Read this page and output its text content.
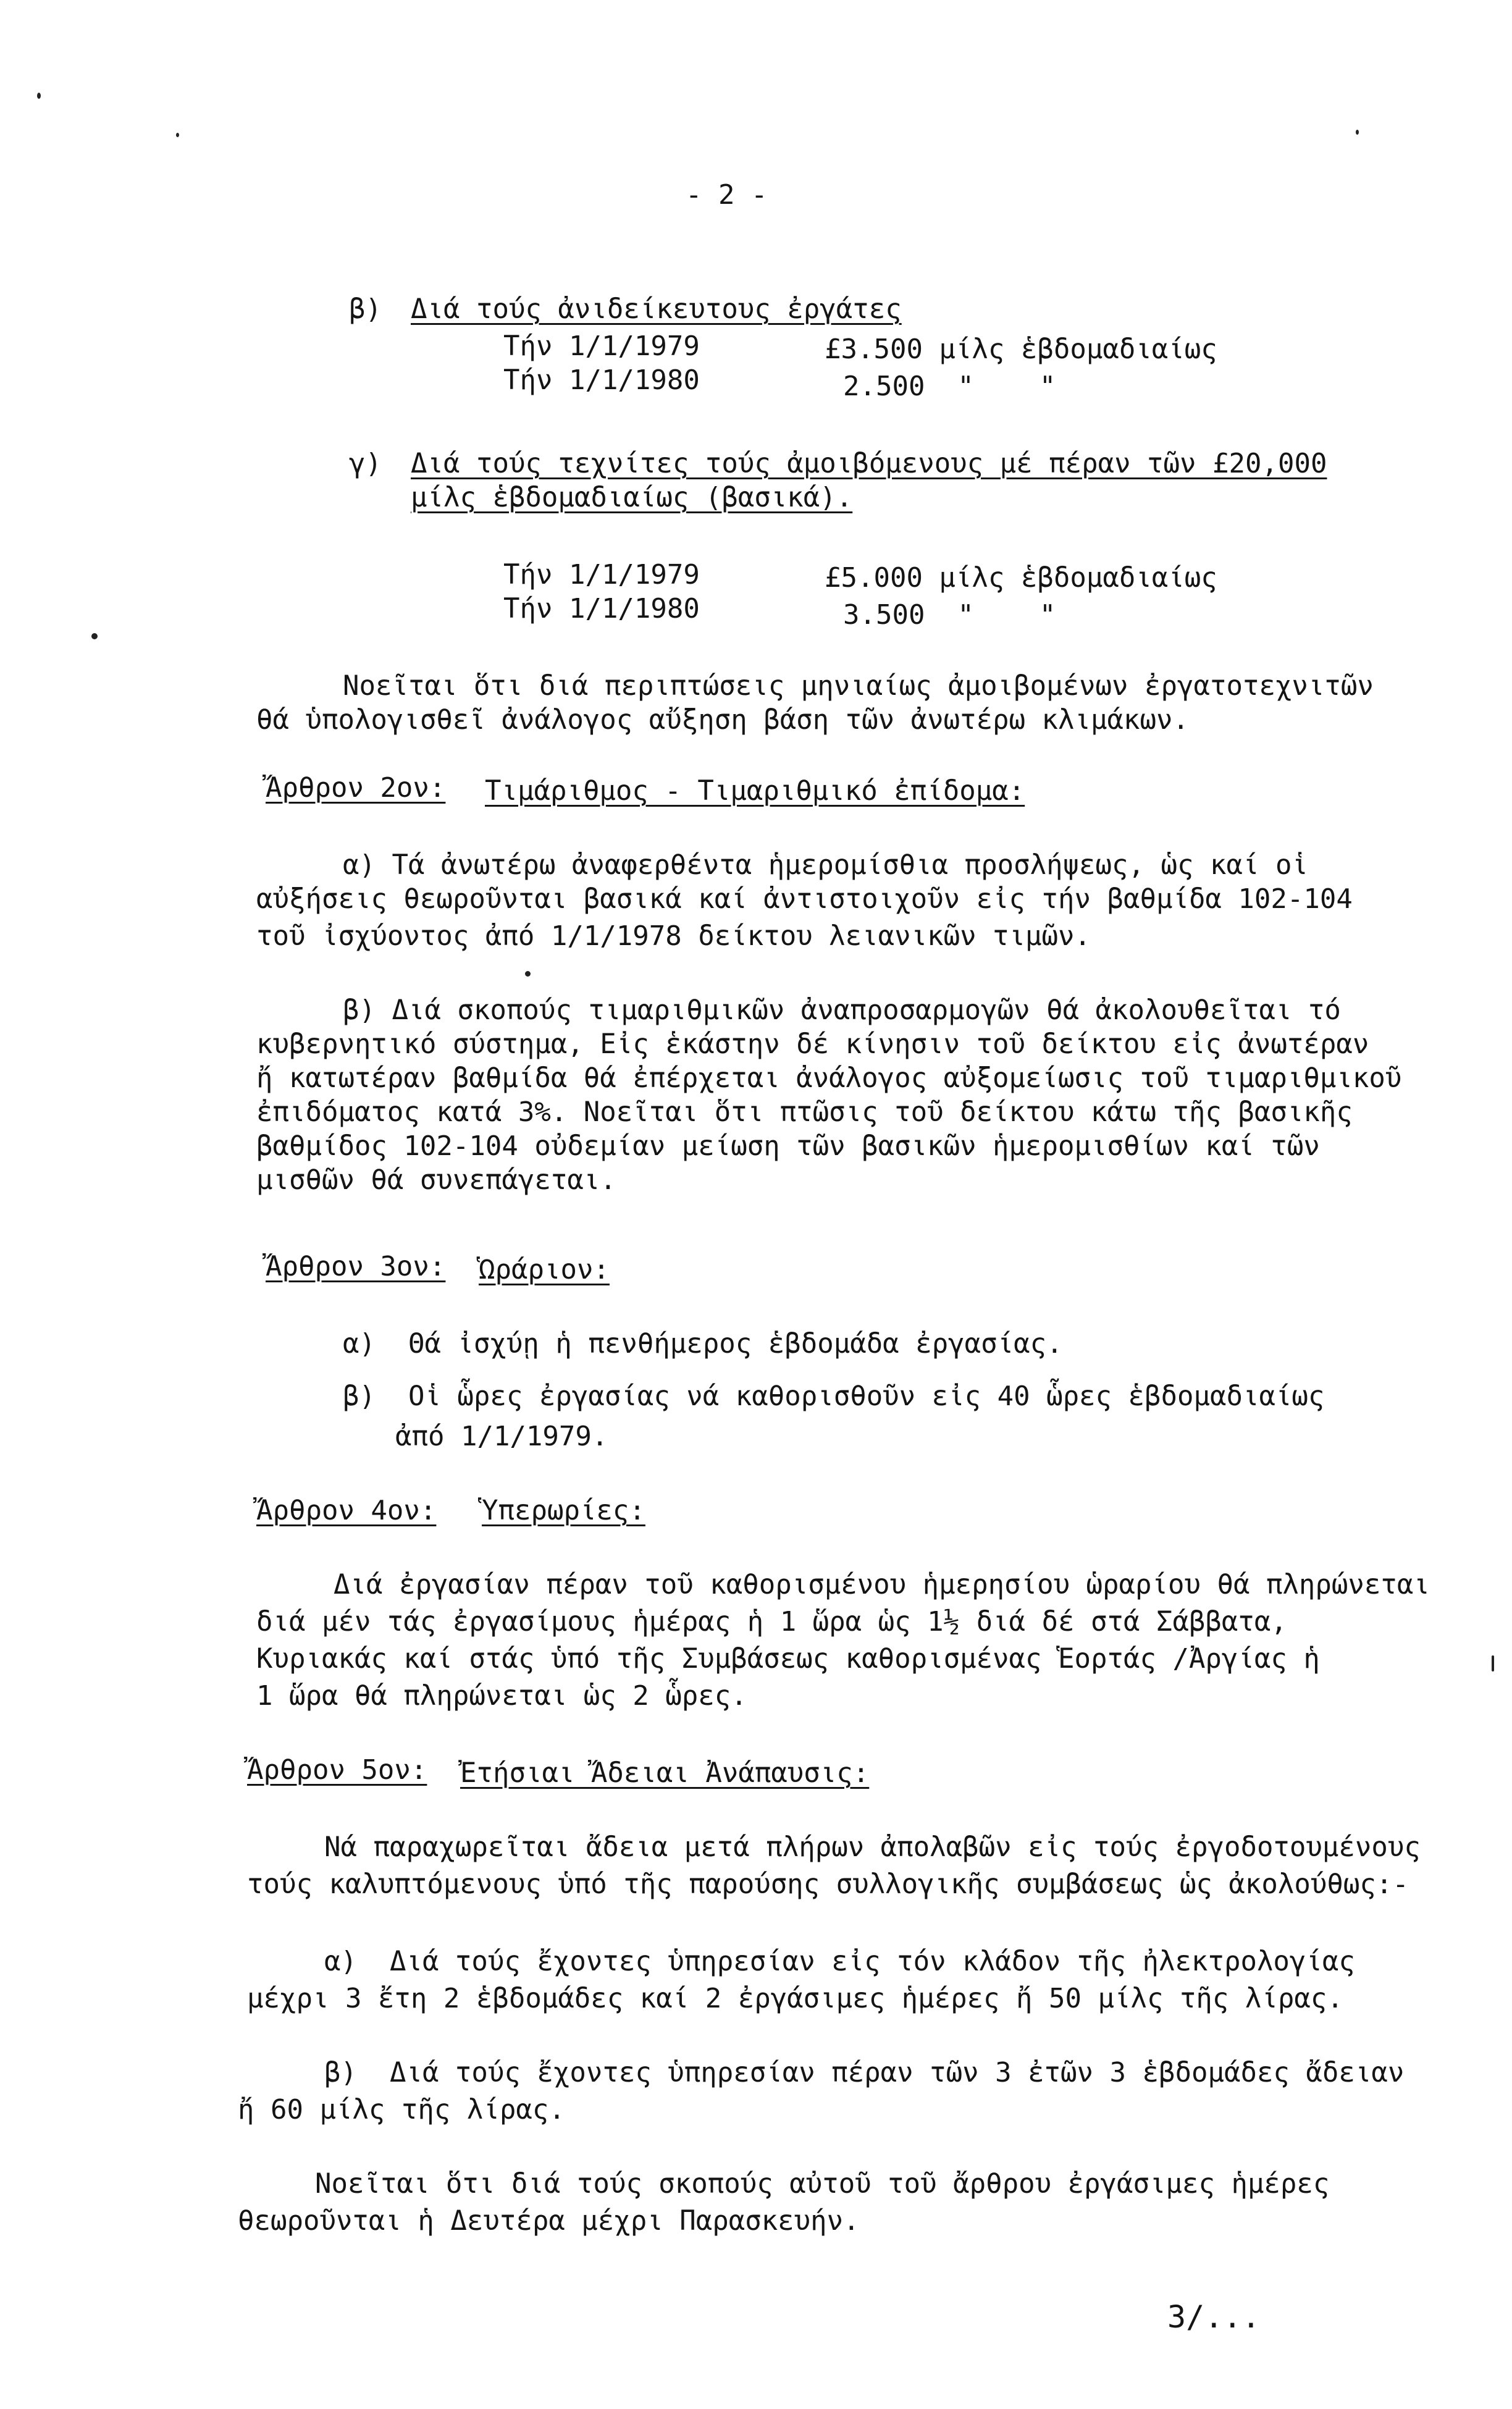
- 2 -
β) Διά τούς ἀνιδείκευτους ἐργάτες
Τήν 1/1/1979	£3.500 μίλς ἑβδομαδιαίως
Τήν 1/1/1980	2.500  "    "
γ) Διά τούς τεχνίτες τούς ἀμοιβόμενους μέ πέραν τῶν £20,000
μίλς ἑβδομαδιαίως (βασικά).
Τήν 1/1/1979	£5.000 μίλς ἑβδομαδιαίως
Τήν 1/1/1980	3.500  "    "
Νοεῖται ὅτι διά περιπτώσεις μηνιαίως ἀμοιβομένων ἐργατοτεχνιτῶν
θά ὑπολογισθεῖ ἀνάλογος αὔξηση βάση τῶν ἀνωτέρω κλιμάκων.
Ἄρθρον 2ον: Τιμάριθμος - Τιμαριθμικό ἐπίδομα:
α) Τά ἀνωτέρω ἀναφερθέντα ἡμερομίσθια προσλήψεως, ὡς καί οἱ
αὐξήσεις θεωροῦνται βασικά καί ἀντιστοιχοῦν εἰς τήν βαθμίδα 102-104
τοῦ ἰσχύοντος ἀπό 1/1/1978 δείκτου λειανικῶν τιμῶν.
β) Διά σκοπούς τιμαριθμικῶν ἀναπροσαρμογῶν θά ἀκολουθεῖται τό
κυβερνητικό σύστημα, Εἰς ἑκάστην δέ κίνησιν τοῦ δείκτου εἰς ἀνωτέραν
ἤ κατωτέραν βαθμίδα θά ἐπέρχεται ἀνάλογος αὐξομείωσις τοῦ τιμαριθμικοῦ
ἐπιδόματος κατά 3%. Νοεῖται ὅτι πτῶσις τοῦ δείκτου κάτω τῆς βασικῆς
βαθμίδος 102-104 οὐδεμίαν μείωση τῶν βασικῶν ἡμερομισθίων καί τῶν
μισθῶν θά συνεπάγεται.
Ἄρθρον 3ον: Ὡράριον:
α)  Θά ἰσχύῃ ἡ πενθήμερος ἑβδομάδα ἐργασίας.
β)  Οἱ ὧρες ἐργασίας νά καθορισθοῦν εἰς 40 ὧρες ἑβδομαδιαίως
ἀπό 1/1/1979.
Ἄρθρον 4ον: Ὑπερωρίες:
Διά ἐργασίαν πέραν τοῦ καθορισμένου ἡμερησίου ὡραρίου θά πληρώνεται
διά μέν τάς ἐργασίμους ἡμέρας ἡ 1 ὥρα ὡς 1½ διά δέ στά Σάββατα,
Κυριακάς καί στάς ὑπό τῆς Συμβάσεως καθορισμένας Ἑορτάς /Ἀργίας ἡ
1 ὥρα θά πληρώνεται ὡς 2 ὧρες.
Ἄρθρον 5ον: Ἐτήσιαι Ἄδειαι Ἀνάπαυσις:
Νά παραχωρεῖται ἄδεια μετά πλήρων ἀπολαβῶν εἰς τούς ἐργοδοτουμένους
τούς καλυπτόμενους ὑπό τῆς παρούσης συλλογικῆς συμβάσεως ὡς ἀκολούθως:-
α)  Διά τούς ἔχοντες ὑπηρεσίαν εἰς τόν κλάδον τῆς ἠλεκτρολογίας
μέχρι 3 ἔτη 2 ἑβδομάδες καί 2 ἐργάσιμες ἡμέρες ἤ 50 μίλς τῆς λίρας.
β)  Διά τούς ἔχοντες ὑπηρεσίαν πέραν τῶν 3 ἐτῶν 3 ἑβδομάδες ἄδειαν
ἤ 60 μίλς τῆς λίρας.
Νοεῖται ὅτι διά τούς σκοπούς αὐτοῦ τοῦ ἄρθρου ἐργάσιμες ἡμέρες
θεωροῦνται ἡ Δευτέρα μέχρι Παρασκευήν.
3/...
